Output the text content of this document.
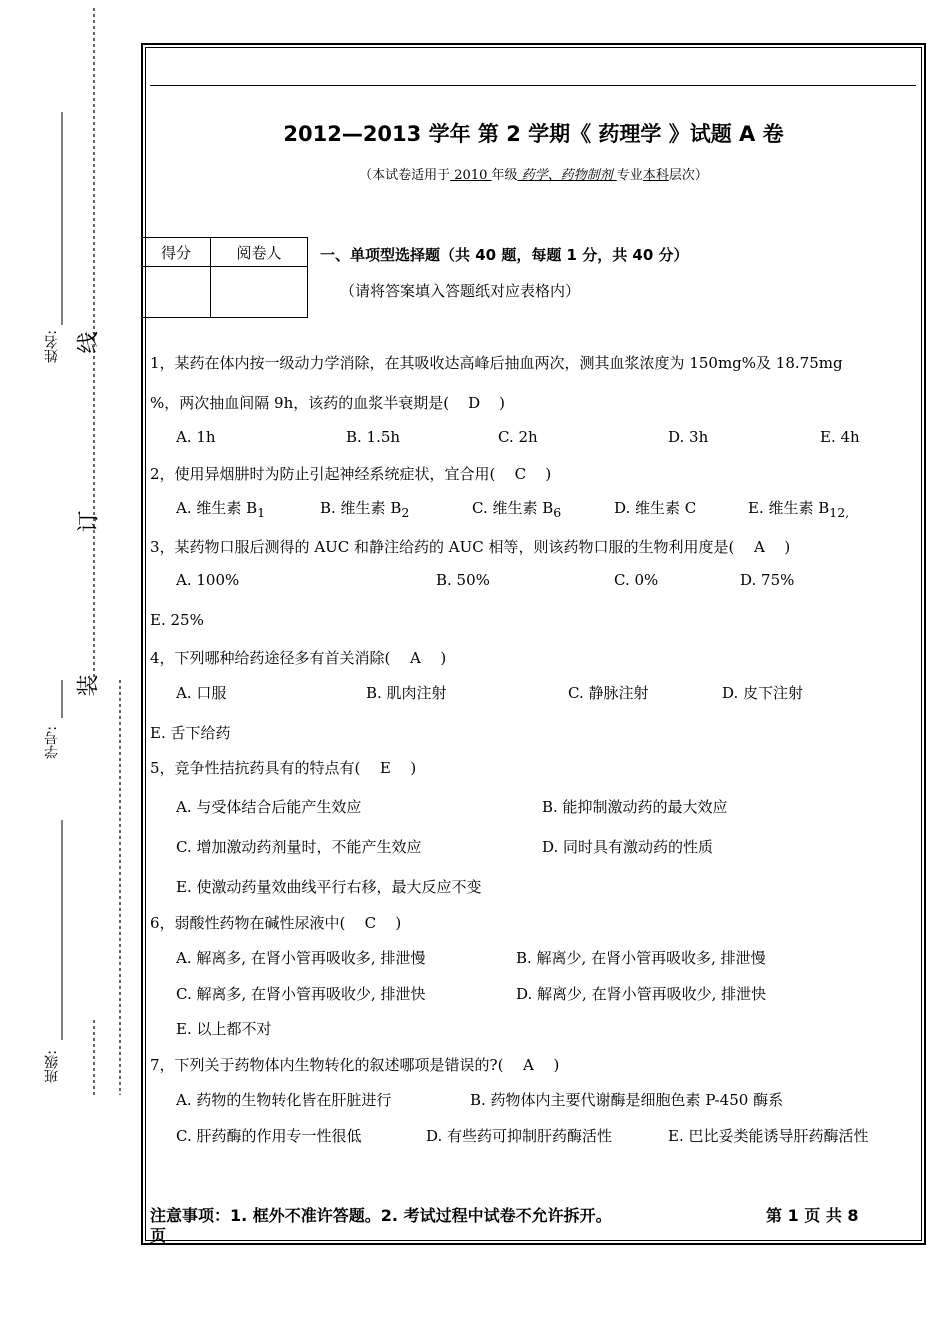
姓名:
学号:
班级:
线
订
装
2012—2013 学年 第 2 学期《 药理学 》试题 A 卷
（本试卷适用于 2010 年级 药学、药物制剂 专业本科层次）
得分	阅卷人
		一、单项型选择题（共 40 题，每题 1 分，共 40 分）
（请将答案填入答题纸对应表格内）
1，某药在体内按一级动力学消除，在其吸收达高峰后抽血两次，测其血浆浓度为 150mg%及 18.75mg
%，两次抽血间隔 9h，该药的血浆半衰期是( D )
A. 1h	B. 1.5h	C. 2h	D. 3h	E. 4h
2，使用异烟肼时为防止引起神经系统症状，宜合用( C )
A. 维生素 $B_1$	B. 维生素 $B_2$	C. 维生素 $B_6$	D. 维生素 C	E. 维生素 $B_{12,}$
3，某药物口服后测得的 AUC 和静注给药的 AUC 相等，则该药物口服的生物利用度是( A )
A. 100%	B. 50%	C. 0%	D. 75%
E. 25%
4，下列哪种给药途径多有首关消除( A )
A. 口服	B. 肌肉注射	C. 静脉注射	D. 皮下注射
E. 舌下给药
5，竞争性拮抗药具有的特点有( E )
A. 与受体结合后能产生效应	B. 能抑制激动药的最大效应
C. 增加激动药剂量时，不能产生效应	D. 同时具有激动药的性质
E. 使激动药量效曲线平行右移，最大反应不变
6，弱酸性药物在碱性尿液中( C )
A. 解离多, 在肾小管再吸收多, 排泄慢	B. 解离少, 在肾小管再吸收多, 排泄慢
C. 解离多, 在肾小管再吸收少, 排泄快	D. 解离少, 在肾小管再吸收少, 排泄快
E. 以上都不对
7，下列关于药物体内生物转化的叙述哪项是错误的?( A )
A. 药物的生物转化皆在肝脏进行	B. 药物体内主要代谢酶是细胞色素 P-450 酶系
C. 肝药酶的作用专一性很低	D. 有些药可抑制肝药酶活性	E. 巴比妥类能诱导肝药酶活性
注意事项：1. 框外不准许答题。2. 考试过程中试卷不允许拆开。	第 1 页 共 8
页
